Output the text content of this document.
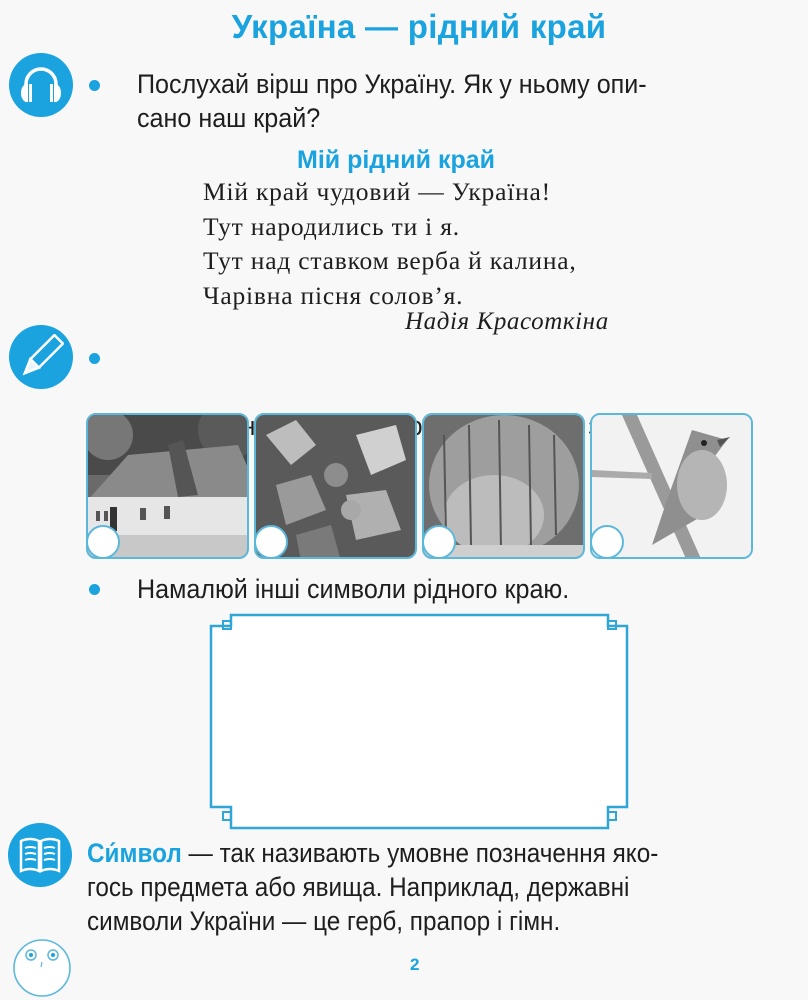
Україна — рідний край
Послухай вірш про Україну. Як у ньому опи-
сано наш край?
Мій рідний край
Мій край чудовий — Україна!
Тут народились ти і я.
Тут над ставком верба й калина,
Чарівна пісня солов’я.
Надія Красоткіна

Намалюй інші символи рідного краю.
Си́мвол — так називають умовне позначення яко-
гось предмета або явища. Наприклад, державні
символи України — це герб, прапор і гімн.
2
